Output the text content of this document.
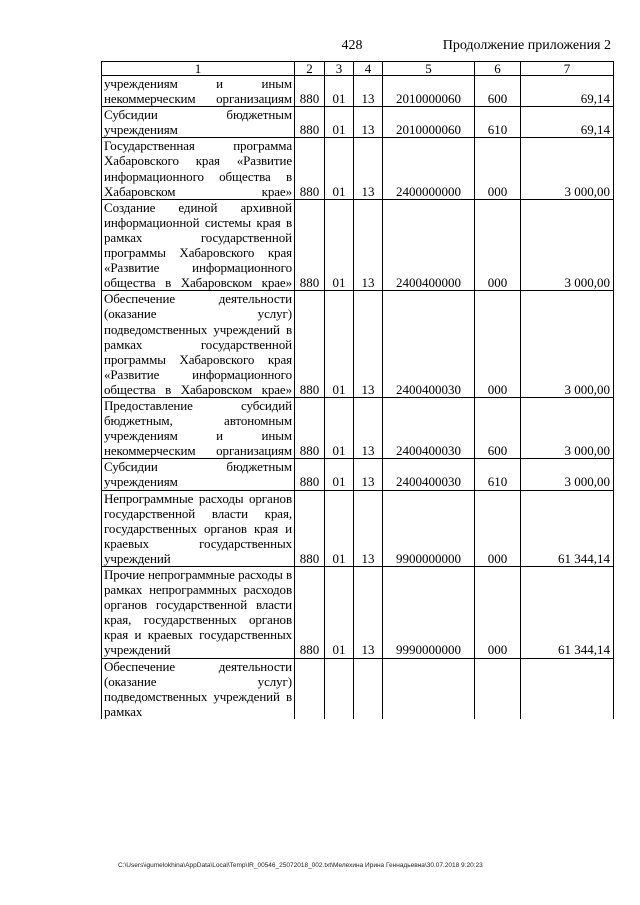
428	Продолжение приложения 2
1	2	3	4	5	6	7
учреждениям и иным некоммерческим организациям	880	01	13	2010000060	600	69,14
Субсидии бюджетным учреждениям	880	01	13	2010000060	610	69,14
Государственная программа Хабаровского края «Развитие информационного общества в Хабаровском крае»	880	01	13	2400000000	000	3 000,00
Создание единой архивной информационной системы края в рамках государственной программы Хабаровского края «Развитие информационного общества в Хабаровском крае»	880	01	13	2400400000	000	3 000,00
Обеспечение деятельности (оказание услуг) подведомственных учреждений в рамках государственной программы Хабаровского края «Развитие информационного общества в Хабаровском крае»	880	01	13	2400400030	000	3 000,00
Предоставление субсидий бюджетным, автономным учреждениям и иным некоммерческим организациям	880	01	13	2400400030	600	3 000,00
Субсидии бюджетным учреждениям	880	01	13	2400400030	610	3 000,00
Непрограммные расходы органов государственной власти края, государственных органов края и краевых государственных учреждений	880	01	13	9900000000	000	61 344,14
Прочие непрограммные расходы в рамках непрограммных расходов органов государственной власти края, государственных органов края и краевых государственных учреждений	880	01	13	9990000000	000	61 344,14
Обеспечение деятельности (оказание услуг) подведомственных учреждений в рамках						
C:\Users\igumelokhina\AppData\Local\Temp\IR_00546_25072018_002.txt\Мелехина Ирина Геннадьевна\30.07.2018 9:20:23
